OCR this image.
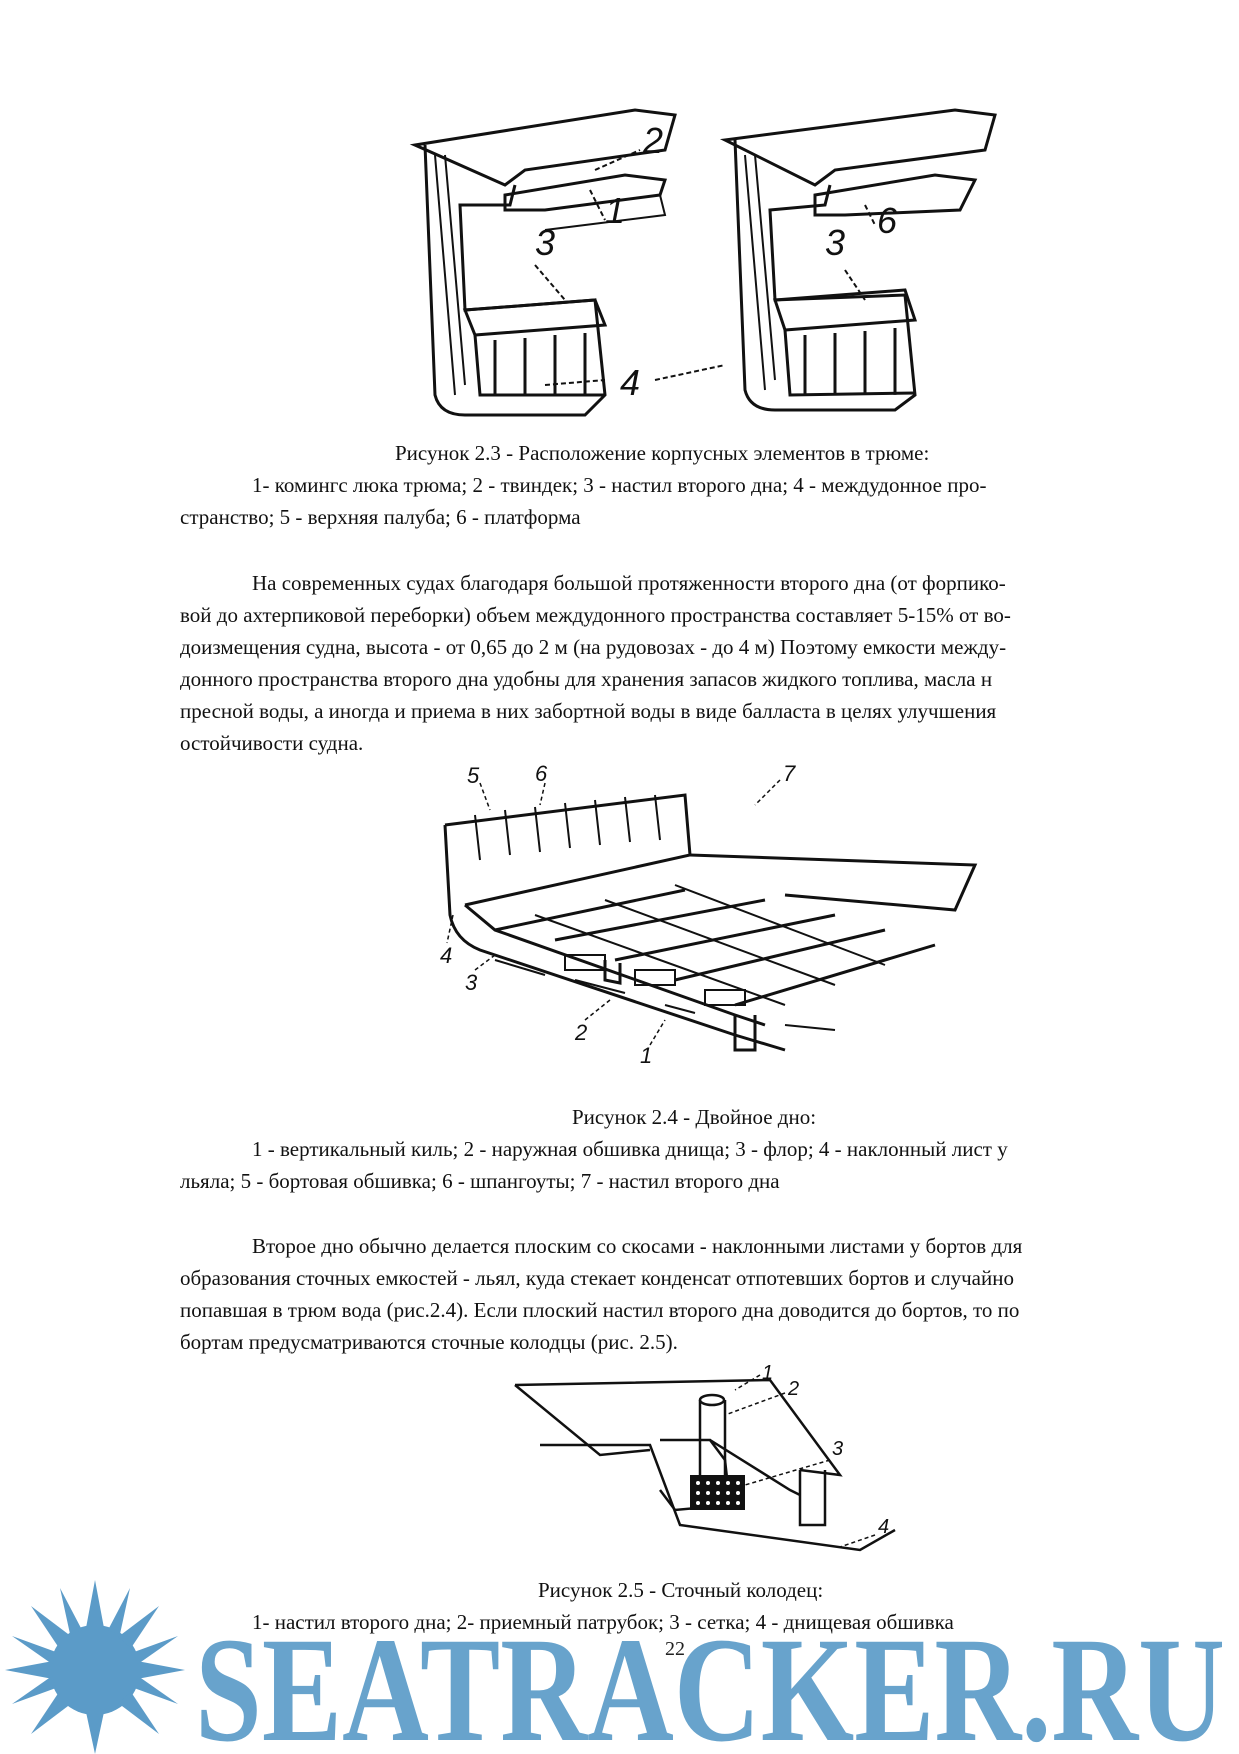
2
1
3
6
3
4
Рисунок 2.3 - Расположение корпусных элементов в трюме:
1- комингс люка трюма; 2 - твиндек; 3 - настил второго дна; 4 - междудонное про-
странство; 5 - верхняя палуба; 6 - платформа
На современных судах благодаря большой протяженности второго дна (от форпико-
вой до ахтерпиковой переборки) объем междудонного пространства составляет 5-15% от во-
доизмещения судна, высота - от 0,65 до 2 м (на рудовозах - до 4 м) Поэтому емкости между-
донного пространства второго дна удобны для хранения запасов жидкого топлива, масла н
пресной воды, а иногда и приема в них забортной воды в виде балласта в целях улучшения
остойчивости судна.
5	6	7
4
3
2
1
Рисунок 2.4 - Двойное дно:
1 - вертикальный киль; 2 - наружная обшивка днища; 3 - флор; 4 - наклонный лист у
льяла; 5 - бортовая обшивка; 6 - шпангоуты; 7 - настил второго дна
Второе дно обычно делается плоским со скосами - наклонными листами у бортов для
образования сточных емкостей - льял, куда стекает конденсат отпотевших бортов и случайно
попавшая в трюм вода (рис.2.4). Если плоский настил второго дна доводится до бортов, то по
бортам предусматриваются сточные колодцы (рис. 2.5).
1
2
3
4
Рисунок 2.5 - Сточный колодец:
1- настил второго дна; 2- приемный патрубок; 3 - сетка; 4 - днищевая обшивка
SEATRACKER.RU
22
